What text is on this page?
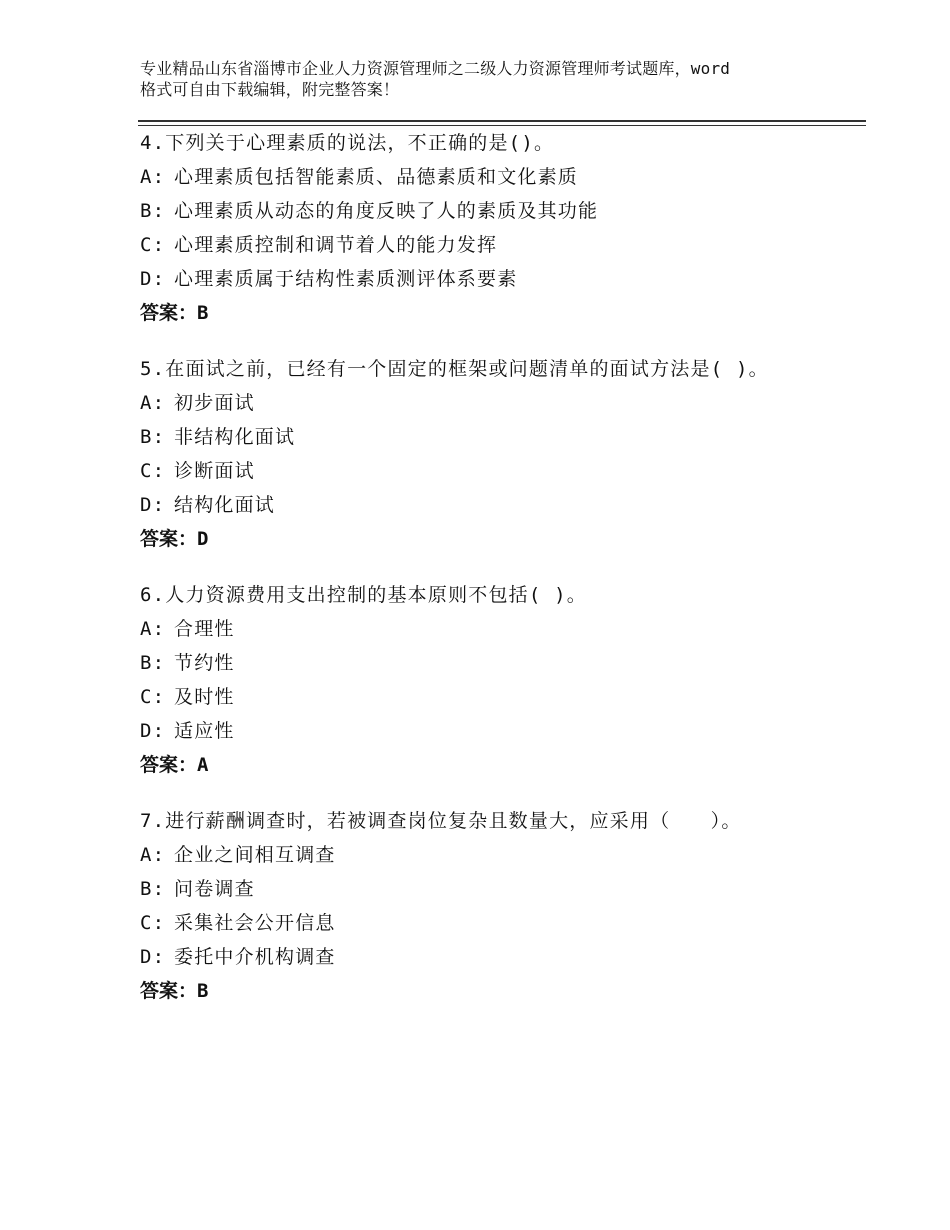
专业精品山东省淄博市企业人力资源管理师之二级人力资源管理师考试题库，word
格式可自由下载编辑，附完整答案！
4.下列关于心理素质的说法，不正确的是()。
A: 心理素质包括智能素质、品德素质和文化素质
B: 心理素质从动态的角度反映了人的素质及其功能
C: 心理素质控制和调节着人的能力发挥
D: 心理素质属于结构性素质测评体系要素
答案：B
5.在面试之前，已经有一个固定的框架或问题清单的面试方法是( )。
A: 初步面试
B: 非结构化面试
C: 诊断面试
D: 结构化面试
答案：D
6.人力资源费用支出控制的基本原则不包括( )。
A: 合理性
B: 节约性
C: 及时性
D: 适应性
答案：A
7.进行薪酬调查时，若被调查岗位复杂且数量大，应采用（　　）。
A: 企业之间相互调查
B: 问卷调查
C: 采集社会公开信息
D: 委托中介机构调查
答案：B
